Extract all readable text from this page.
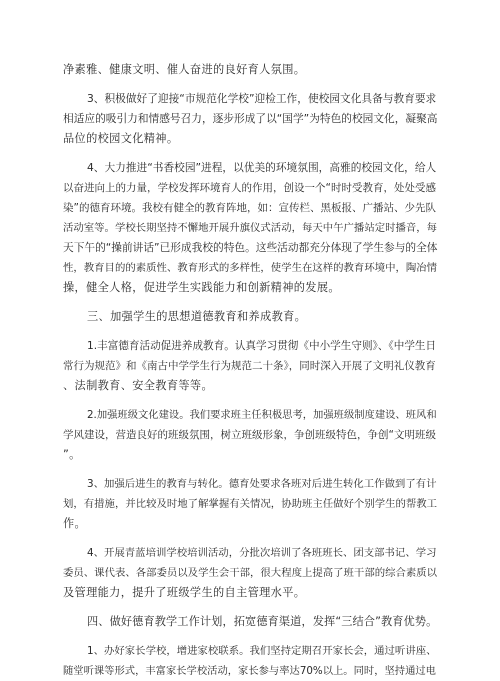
净素雅、健康文明、催人奋进的良好育人氛围。

3、积极做好了迎接“市规范化学校”迎检工作，使校园文化具备与教育要求
相适应的吸引力和情感号召力，逐步形成了以“国学”为特色的校园文化，凝聚高
品位的校园文化精神。

4、大力推进“书香校园”进程，以优美的环境氛围，高雅的校园文化，给人
以奋进向上的力量，学校发挥环境育人的作用，创设一个“时时受教育，处处受感
染”的德育环境。我校有健全的教育阵地，如：宣传栏、黑板报、广播站、少先队
活动室等。学校长期坚持不懈地开展升旗仪式活动，每天中午广播站定时播音，每
天下午的“操前讲话”已形成我校的特色。这些活动都充分体现了学生参与的全体
性，教育目的的素质性、教育形式的多样性，使学生在这样的教育环境中，陶冶情
操，健全人格，促进学生实践能力和创新精神的发展。

三、加强学生的思想道德教育和养成教育。

1.丰富德育活动促进养成教育。认真学习贯彻《中小学生守则》、《中学生日
常行为规范》和《南古中学学生行为规范二十条》，同时深入开展了文明礼仪教育
、法制教育、安全教育等等。

2.加强班级文化建设。我们要求班主任积极思考，加强班级制度建设、班风和
学风建设，营造良好的班级氛围，树立班级形象，争创班级特色，争创“文明班级
”。

3、加强后进生的教育与转化。德育处要求各班对后进生转化工作做到了有计
划，有措施，并比较及时地了解掌握有关情况，协助班主任做好个别学生的帮教工
作。

4、开展青蓝培训学校培训活动，分批次培训了各班班长、团支部书记、学习
委员、课代表、各部委员以及学生会干部，很大程度上提高了班干部的综合素质以
及管理能力，提升了班级学生的自主管理水平。

四、做好德育教学工作计划，拓宽德育渠道，发挥“三结合”教育优势。

1、办好家长学校，增进家校联系。我们坚持定期召开家长会，通过听讲座、
随堂听课等形式，丰富家长学校活动，家长参与率达70%以上。同时，坚持通过电
